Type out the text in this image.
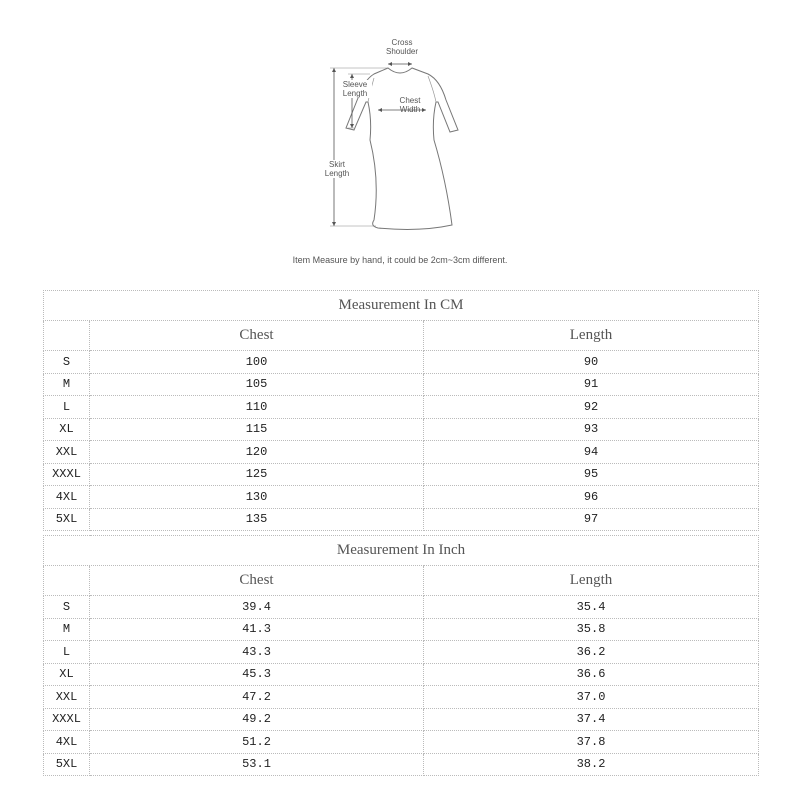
Cross
Shoulder
Sleeve
Length
Chest
Width
Skirt
Length
Item Measure by hand, it could be 2cm~3cm different.
Measurement In CM		
	Chest	Length
S	100	90
M	105	91
L	110	92
XL	115	93
XXL	120	94
XXXL	125	95
4XL	130	96
5XL	135	97
Measurement In Inch		
	Chest	Length
S	39.4	35.4
M	41.3	35.8
L	43.3	36.2
XL	45.3	36.6
XXL	47.2	37.0
XXXL	49.2	37.4
4XL	51.2	37.8
5XL	53.1	38.2
